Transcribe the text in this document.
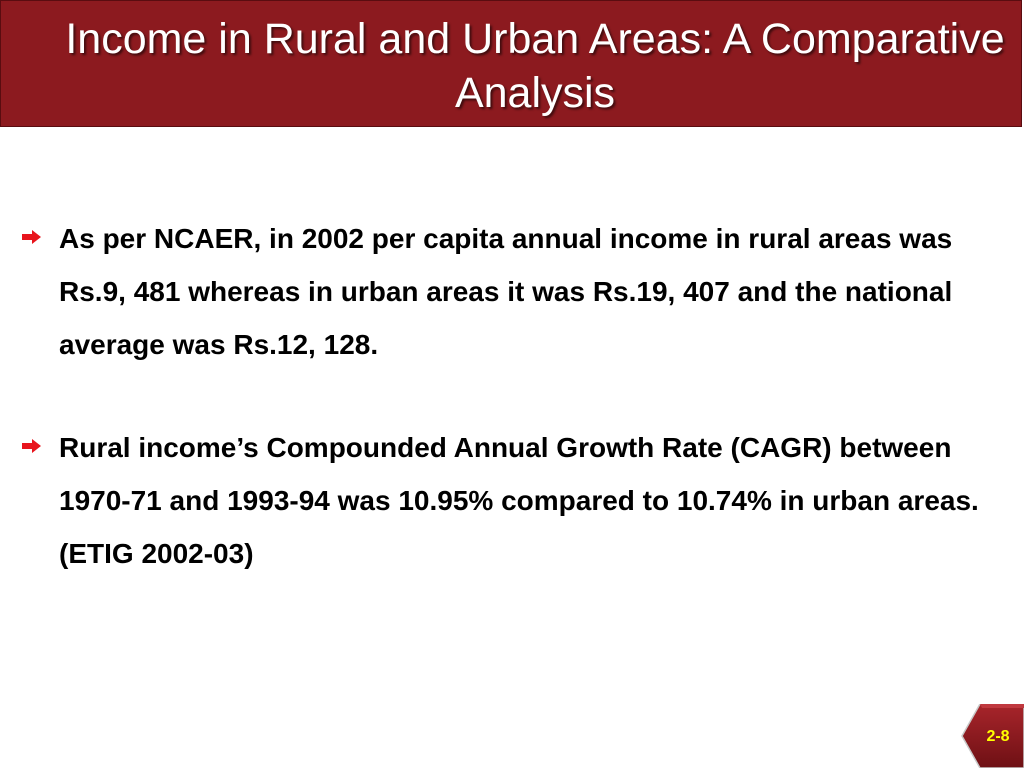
Income in Rural and Urban Areas: A Comparative Analysis
As per NCAER, in 2002 per capita annual income in rural areas was Rs.9, 481 whereas in urban areas it was Rs.19, 407 and the national average was Rs.12, 128.
Rural income’s Compounded Annual Growth Rate (CAGR) between 1970-71 and 1993-94 was 10.95% compared to 10.74% in urban areas. (ETIG 2002-03)
2-8
